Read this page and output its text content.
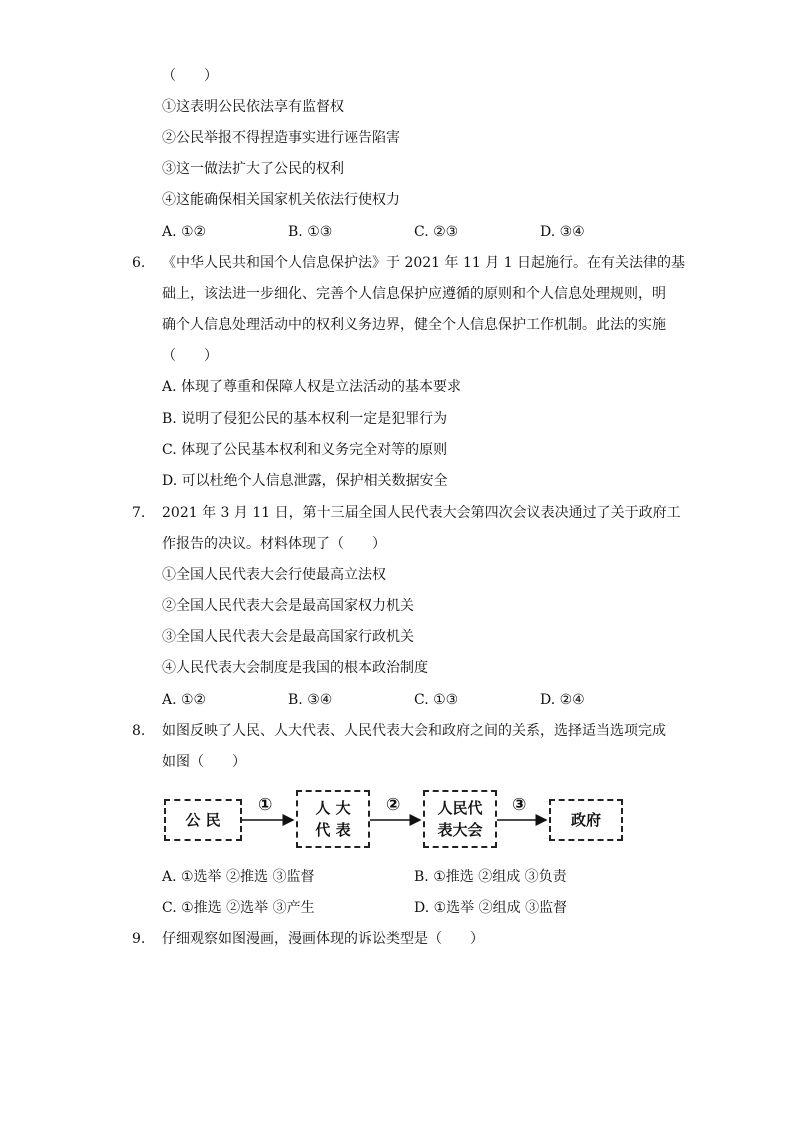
（　　）
①这表明公民依法享有监督权
②公民举报不得捏造事实进行诬告陷害
③这一做法扩大了公民的权利
④这能确保相关国家机关依法行使权力
A. ①②	B. ①③	C. ②③	D. ③④
6. 《中华人民共和国个人信息保护法》于 2021 年 11 月 1 日起施行。在有关法律的基
础上，该法进一步细化、完善个人信息保护应遵循的原则和个人信息处理规则，明
确个人信息处理活动中的权利义务边界，健全个人信息保护工作机制。此法的实施
（　　）
A. 体现了尊重和保障人权是立法活动的基本要求
B. 说明了侵犯公民的基本权利一定是犯罪行为
C. 体现了公民基本权利和义务完全对等的原则
D. 可以杜绝个人信息泄露，保护相关数据安全
7. 2021 年 3 月 11 日，第十三届全国人民代表大会第四次会议表决通过了关于政府工
作报告的决议。材料体现了（　　）
①全国人民代表大会行使最高立法权
②全国人民代表大会是最高国家权力机关
③全国人民代表大会是最高国家行政机关
④人民代表大会制度是我国的根本政治制度
A. ①②	B. ③④	C. ①③	D. ②④
8. 如图反映了人民、人大代表、人民代表大会和政府之间的关系，选择适当选项完成
如图（　　）
公 民
人 大
代 表
人民代
表大会
政府
①	②	③
A. ①选举 ②推选 ③监督	B. ①推选 ②组成 ③负责
C. ①推选 ②选举 ③产生	D. ①选举 ②组成 ③监督
9. 仔细观察如图漫画，漫画体现的诉讼类型是（　　）
